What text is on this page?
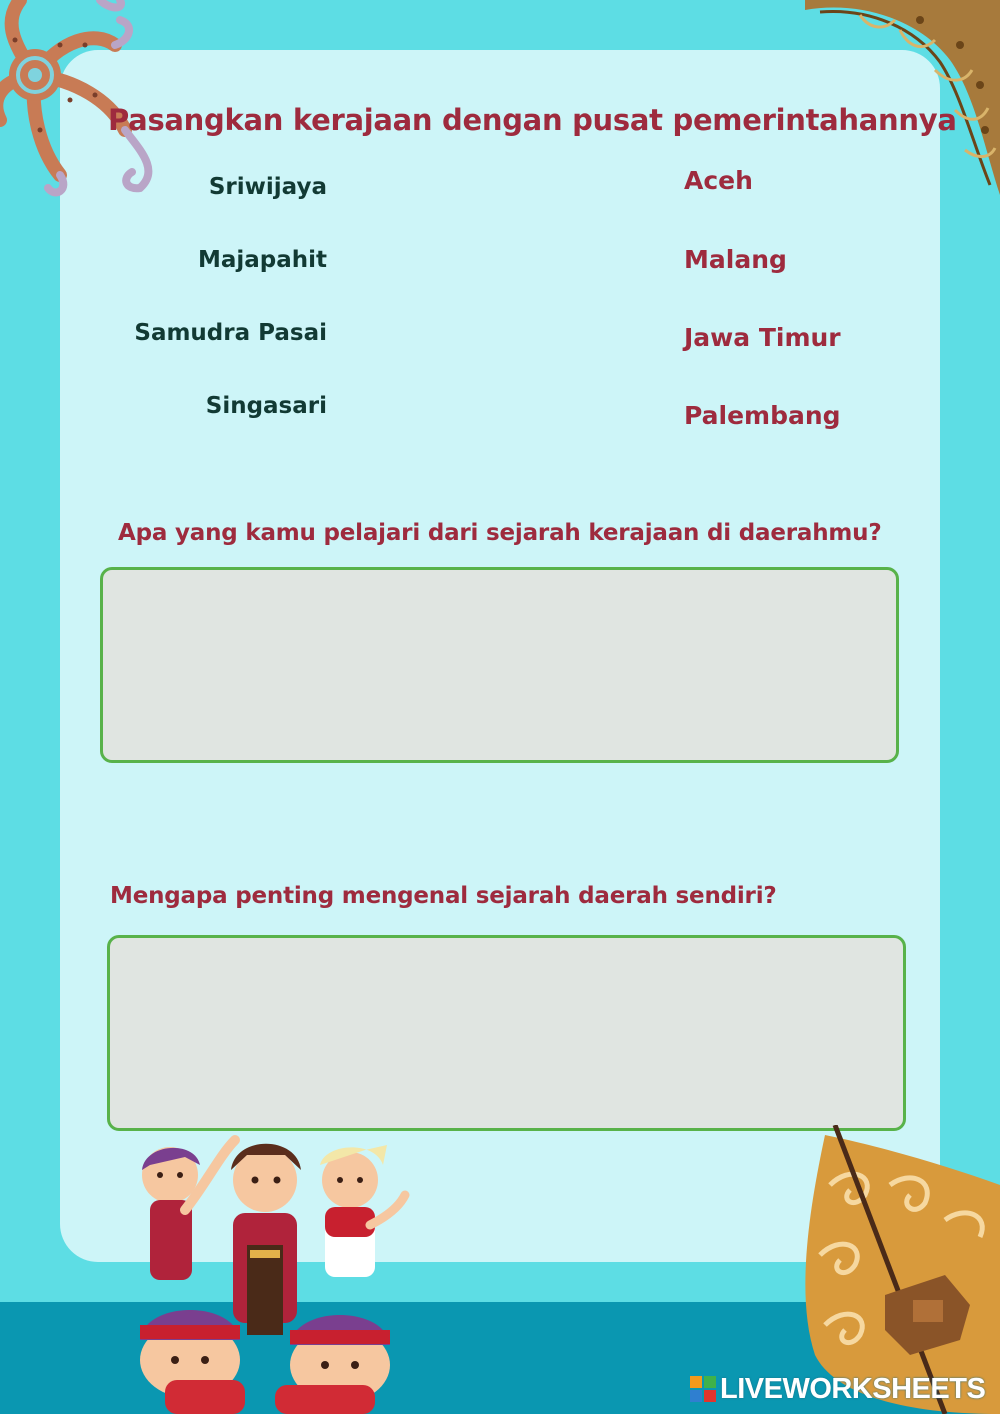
Pasangkan kerajaan dengan pusat pemerintahannya
Sriwijaya
Majapahit
Samudra Pasai
Singasari
Aceh
Malang
Jawa Timur
Palembang
Apa yang kamu pelajari dari sejarah kerajaan di daerahmu?
Mengapa penting mengenal sejarah daerah sendiri?
LIVEWORKSHEETS
